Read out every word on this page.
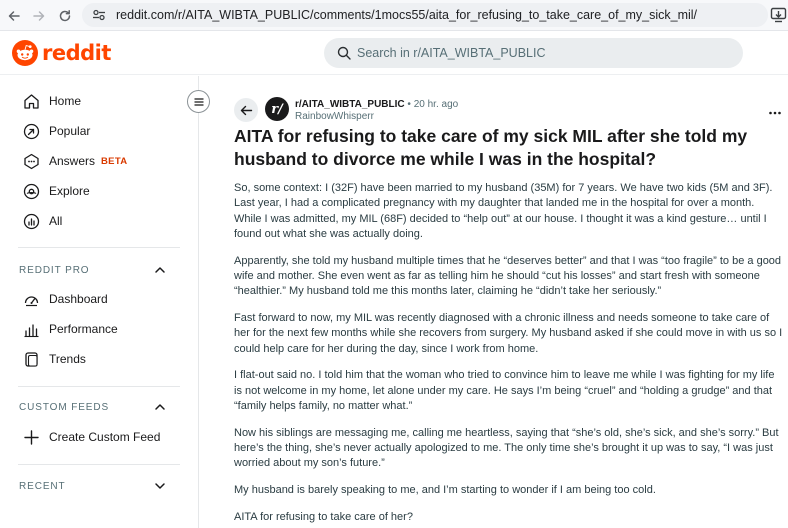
reddit.com/r/AITA_WIBTA_PUBLIC/comments/1mocs55/aita_for_refusing_to_take_care_of_my_sick_mil/
reddit
Search in r/AITA_WIBTA_PUBLIC
Home
Popular
Answers BETA
Explore
All
REDDIT PRO
Dashboard
Performance
Trends
CUSTOM FEEDS
Create Custom Feed
RECENT
r/	r/AITA_WIBTA_PUBLIC • 20 hr. ago
RainbowWhisperr
AITA for refusing to take care of my sick MIL after she told my husband to divorce me while I was in the hospital?

So, some context: I (32F) have been married to my husband (35M) for 7 years. We have two kids (5M and 3F). Last year, I had a complicated pregnancy with my daughter that landed me in the hospital for over a month. While I was admitted, my MIL (68F) decided to “help out” at our house. I thought it was a kind gesture… until I found out what she was actually doing.

Apparently, she told my husband multiple times that he “deserves better” and that I was “too fragile” to be a good wife and mother. She even went as far as telling him he should “cut his losses” and start fresh with someone “healthier.” My husband told me this months later, claiming he “didn’t take her seriously.”

Fast forward to now, my MIL was recently diagnosed with a chronic illness and needs someone to take care of her for the next few months while she recovers from surgery. My husband asked if she could move in with us so I could help care for her during the day, since I work from home.

I flat-out said no. I told him that the woman who tried to convince him to leave me while I was fighting for my life is not welcome in my home, let alone under my care. He says I’m being “cruel” and “holding a grudge” and that “family helps family, no matter what.”

Now his siblings are messaging me, calling me heartless, saying that “she’s old, she’s sick, and she’s sorry.” But here’s the thing, she’s never actually apologized to me. The only time she’s brought it up was to say, “I was just worried about my son’s future.”

My husband is barely speaking to me, and I’m starting to wonder if I am being too cold.

AITA for refusing to take care of her?
